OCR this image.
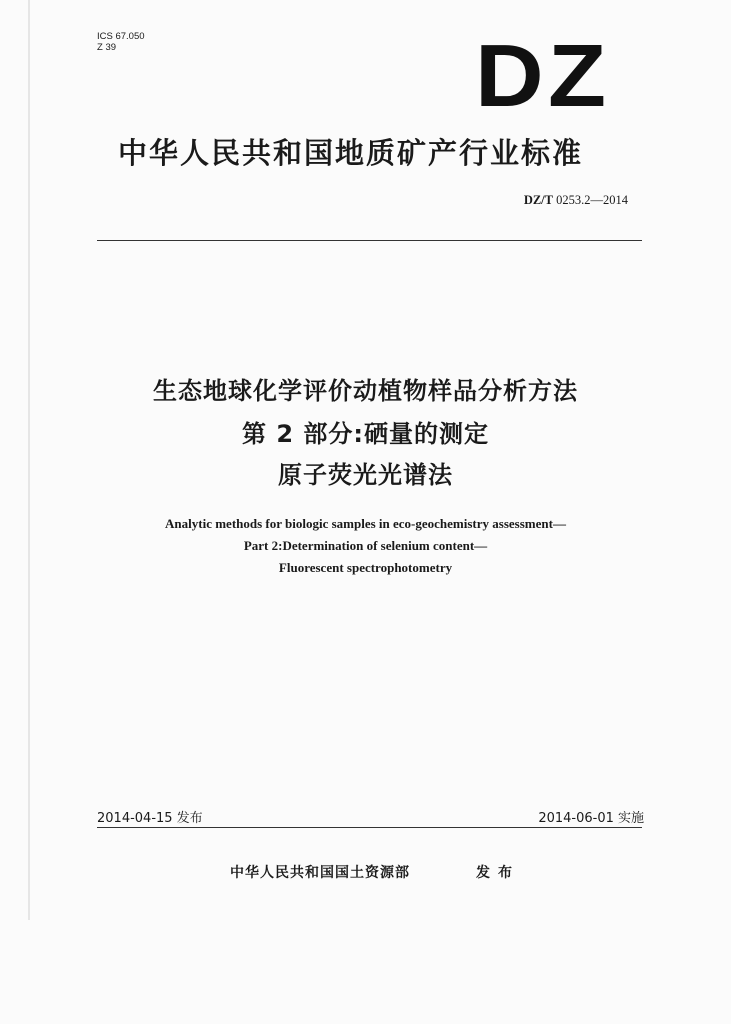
ICS 67.050
Z 39	DZ
中华人民共和国地质矿产行业标准
DZ/T 0253.2—2014
生态地球化学评价动植物样品分析方法
第 2 部分:硒量的测定
原子荧光光谱法
Analytic methods for biologic samples in eco-geochemistry assessment—
Part 2:Determination of selenium content—
Fluorescent spectrophotometry
2014-04-15 发布	2014-06-01 实施
中华人民共和国国土资源部	发布
